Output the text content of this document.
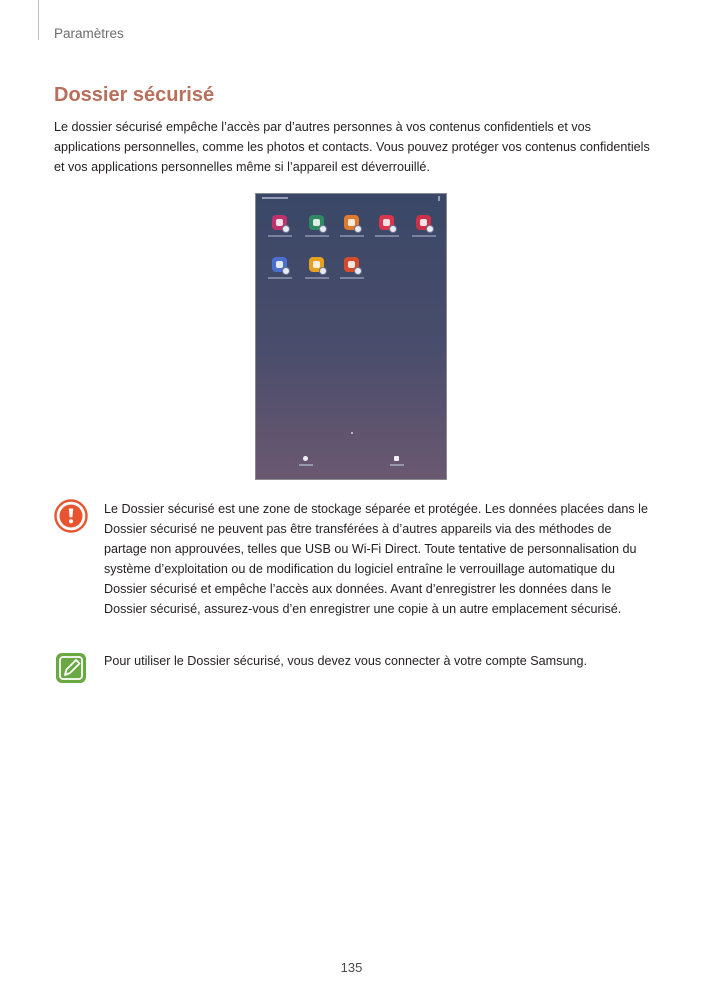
Paramètres
Dossier sécurisé

Le dossier sécurisé empêche l’accès par d’autres personnes à vos contenus confidentiels et vos applications personnelles, comme les photos et contacts. Vous pouvez protéger vos contenus confidentiels et vos applications personnelles même si l’appareil est déverrouillé.

Le Dossier sécurisé est une zone de stockage séparée et protégée. Les données placées dans le Dossier sécurisé ne peuvent pas être transférées à d’autres appareils via des méthodes de partage non approuvées, telles que USB ou Wi-Fi Direct. Toute tentative de personnalisation du système d’exploitation ou de modification du logiciel entraîne le verrouillage automatique du Dossier sécurisé et empêche l’accès aux données. Avant d’enregistrer les données dans le Dossier sécurisé, assurez-vous d’en enregistrer une copie à un autre emplacement sécurisé.

Pour utiliser le Dossier sécurisé, vous devez vous connecter à votre compte Samsung.

135
